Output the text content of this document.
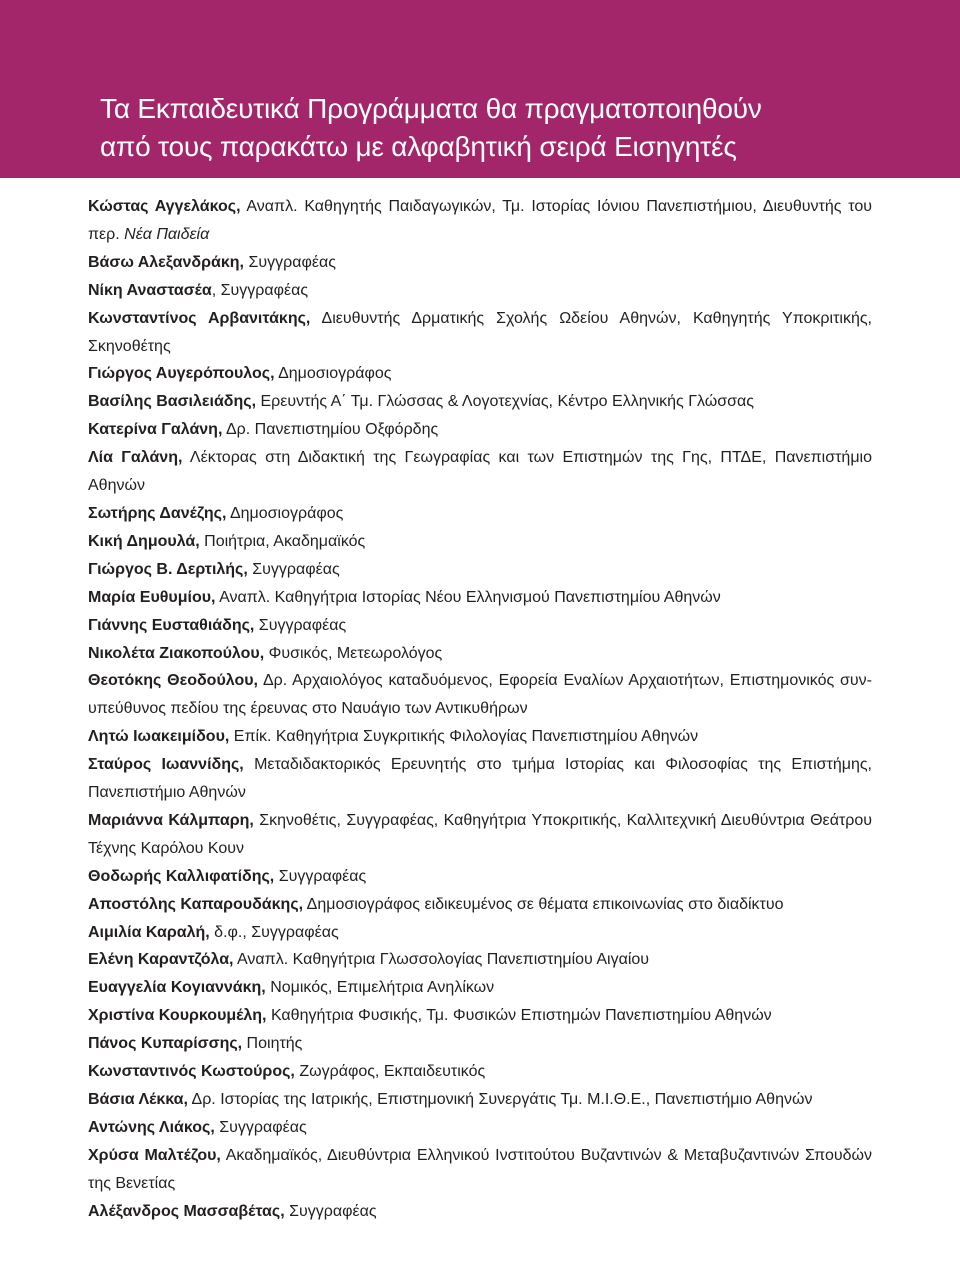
Τα Εκπαιδευτικά Προγράμματα θα πραγματοποιηθούν
από τους παρακάτω με αλφαβητική σειρά Εισηγητές
Κώστας Αγγελάκος, Αναπλ. Καθηγητής Παιδαγωγικών, Τμ. Ιστορίας Ιόνιου Πανεπιστήμιου, Διευθυντής του περ. Νέα Παιδεία
Βάσω Αλεξανδράκη, Συγγραφέας
Νίκη Αναστασέα, Συγγραφέας
Κωνσταντίνος Αρβανιτάκης, Διευθυντής Δρματικής Σχολής Ωδείου Αθηνών, Καθηγητής Υποκριτικής, Σκηνοθέτης
Γιώργος Αυγερόπουλος, Δημοσιογράφος
Βασίλης Βασιλειάδης, Ερευντής Α΄ Τμ. Γλώσσας & Λογοτεχνίας, Κέντρο Ελληνικής Γλώσσας
Κατερίνα Γαλάνη, Δρ. Πανεπιστημίου Οξφόρδης
Λία Γαλάνη, Λέκτορας στη Διδακτική της Γεωγραφίας και των Επιστημών της Γης, ΠΤΔΕ, Πανεπιστήμιο Αθηνών
Σωτήρης Δανέζης, Δημοσιογράφος
Κική Δημουλά, Ποιήτρια, Ακαδημαϊκός
Γιώργος Β. Δερτιλής, Συγγραφέας
Μαρία Ευθυμίου, Αναπλ. Καθηγήτρια Ιστορίας Νέου Ελληνισμού Πανεπιστημίου Αθηνών
Γιάννης Ευσταθιάδης, Συγγραφέας
Νικολέτα Ζιακοπούλου, Φυσικός, Μετεωρολόγος
Θεοτόκης Θεοδούλου, Δρ. Αρχαιολόγος καταδυόμενος, Εφορεία Εναλίων Αρχαιοτήτων, Επιστημονικός συν-υπεύθυνος πεδίου της έρευνας στο Ναυάγιο των Αντικυθήρων
Λητώ Ιωακειμίδου, Επίκ. Καθηγήτρια Συγκριτικής Φιλολογίας Πανεπιστημίου Αθηνών
Σταύρος Ιωαννίδης, Μεταδιδακτορικός Ερευνητής στο τμήμα Ιστορίας και Φιλοσοφίας της Επιστήμης, Πανεπιστήμιο Αθηνών
Μαριάννα Κάλμπαρη, Σκηνοθέτις, Συγγραφέας, Καθηγήτρια Υποκριτικής, Καλλιτεχνική Διευθύντρια Θεάτρου Τέχνης Καρόλου Κουν
Θοδωρής Καλλιφατίδης, Συγγραφέας
Αποστόλης Καπαρουδάκης, Δημοσιογράφος ειδικευμένος σε θέματα επικοινωνίας στο διαδίκτυο
Αιμιλία Καραλή, δ.φ., Συγγραφέας
Ελένη Καραντζόλα, Αναπλ. Καθηγήτρια Γλωσσολογίας Πανεπιστημίου Αιγαίου
Ευαγγελία Κογιαννάκη, Νομικός, Επιμελήτρια Ανηλίκων
Χριστίνα Κουρκουμέλη, Καθηγήτρια Φυσικής, Τμ. Φυσικών Επιστημών Πανεπιστημίου Αθηνών
Πάνος Κυπαρίσσης, Ποιητής
Κωνσταντινός Κωστούρος, Ζωγράφος, Εκπαιδευτικός
Βάσια Λέκκα, Δρ. Ιστορίας της Ιατρικής, Επιστημονική Συνεργάτις Τμ. Μ.Ι.Θ.Ε., Πανεπιστήμιο Αθηνών
Αντώνης Λιάκος, Συγγραφέας
Χρύσα Μαλτέζου, Ακαδημαϊκός, Διευθύντρια Ελληνικού Ινστιτούτου Βυζαντινών & Μεταβυζαντινών Σπουδών της Βενετίας
Αλέξανδρος Μασσαβέτας, Συγγραφέας
